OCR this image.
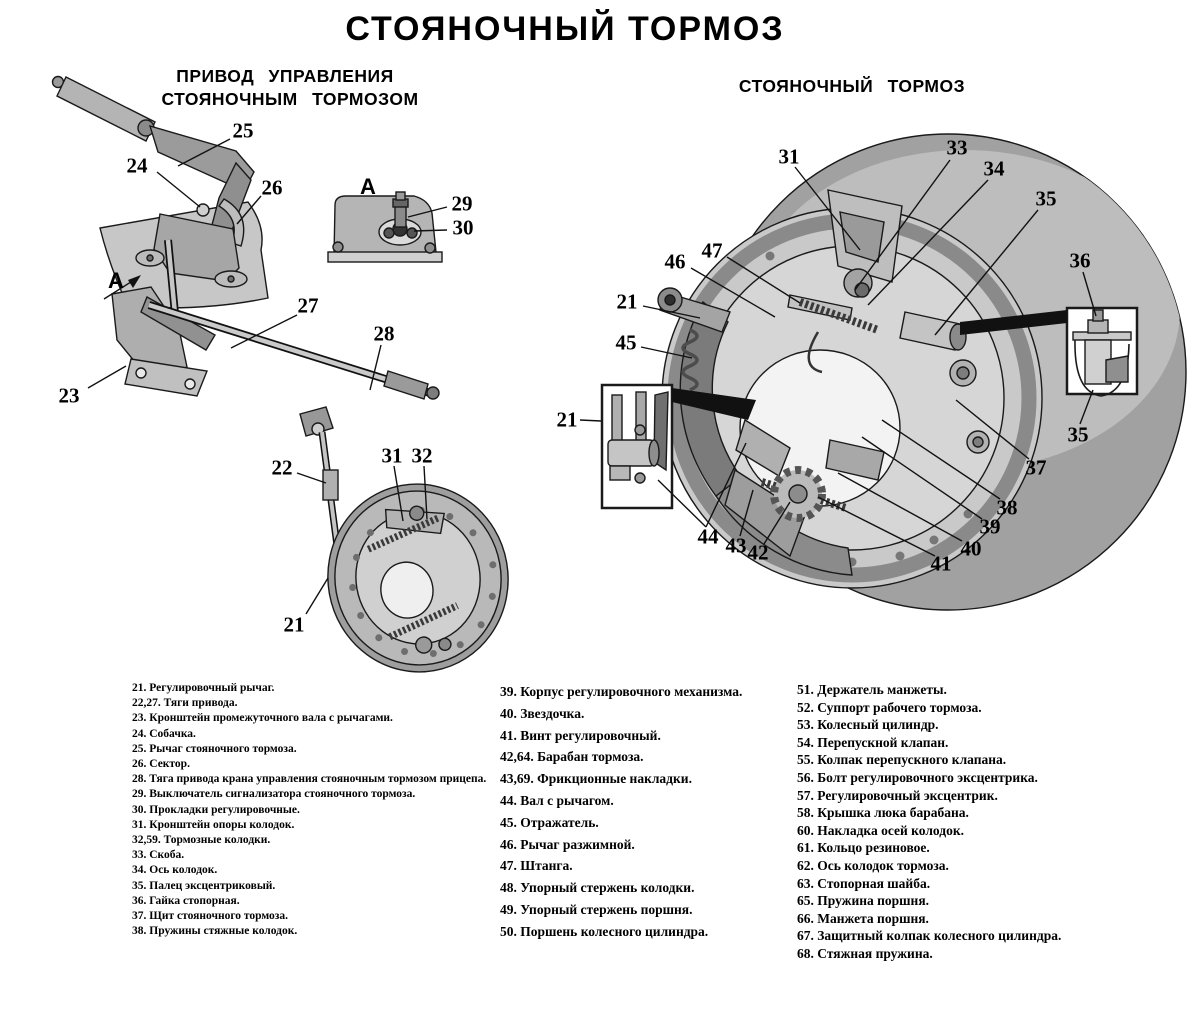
СТОЯНОЧНЫЙ ТОРМОЗ
ПРИВОД УПРАВЛЕНИЯ
СТОЯНОЧНЫМ ТОРМОЗОМ
СТОЯНОЧНЫЙ ТОРМОЗ
25
24
26	А
29
30
А
27
28
23
22	31 32
21
31	33
34
35
36
47
46
21
45
21
35
37
38
39
40
41
44 43 42
21. Регулировочный рычаг.
22,27. Тяги привода.
23. Кронштейн промежуточного вала с рычагами.
24. Собачка.
25. Рычаг стояночного тормоза.
26. Сектор.
28. Тяга привода крана управления стояночным тормозом прицепа.
29. Выключатель сигнализатора стояночного тормоза.
30. Прокладки регулировочные.
31. Кронштейн опоры колодок.
32,59. Тормозные колодки.
33. Скоба.
34. Ось колодок.
35. Палец эксцентриковый.
36. Гайка стопорная.
37. Щит стояночного тормоза.
38. Пружины стяжные колодок.
39. Корпус регулировочного механизма.
40. Звездочка.
41. Винт регулировочный.
42,64. Барабан тормоза.
43,69. Фрикционные накладки.
44. Вал с рычагом.
45. Отражатель.
46. Рычаг разжимной.
47. Штанга.
48. Упорный стержень колодки.
49. Упорный стержень поршня.
50. Поршень колесного цилиндра.
51. Держатель манжеты.
52. Суппорт рабочего тормоза.
53. Колесный цилиндр.
54. Перепускной клапан.
55. Колпак перепускного клапана.
56. Болт регулировочного эксцентрика.
57. Регулировочный эксцентрик.
58. Крышка люка барабана.
60. Накладка осей колодок.
61. Кольцо резиновое.
62. Ось колодок тормоза.
63. Стопорная шайба.
65. Пружина поршня.
66. Манжета поршня.
67. Защитный колпак колесного цилиндра.
68. Стяжная пружина.
